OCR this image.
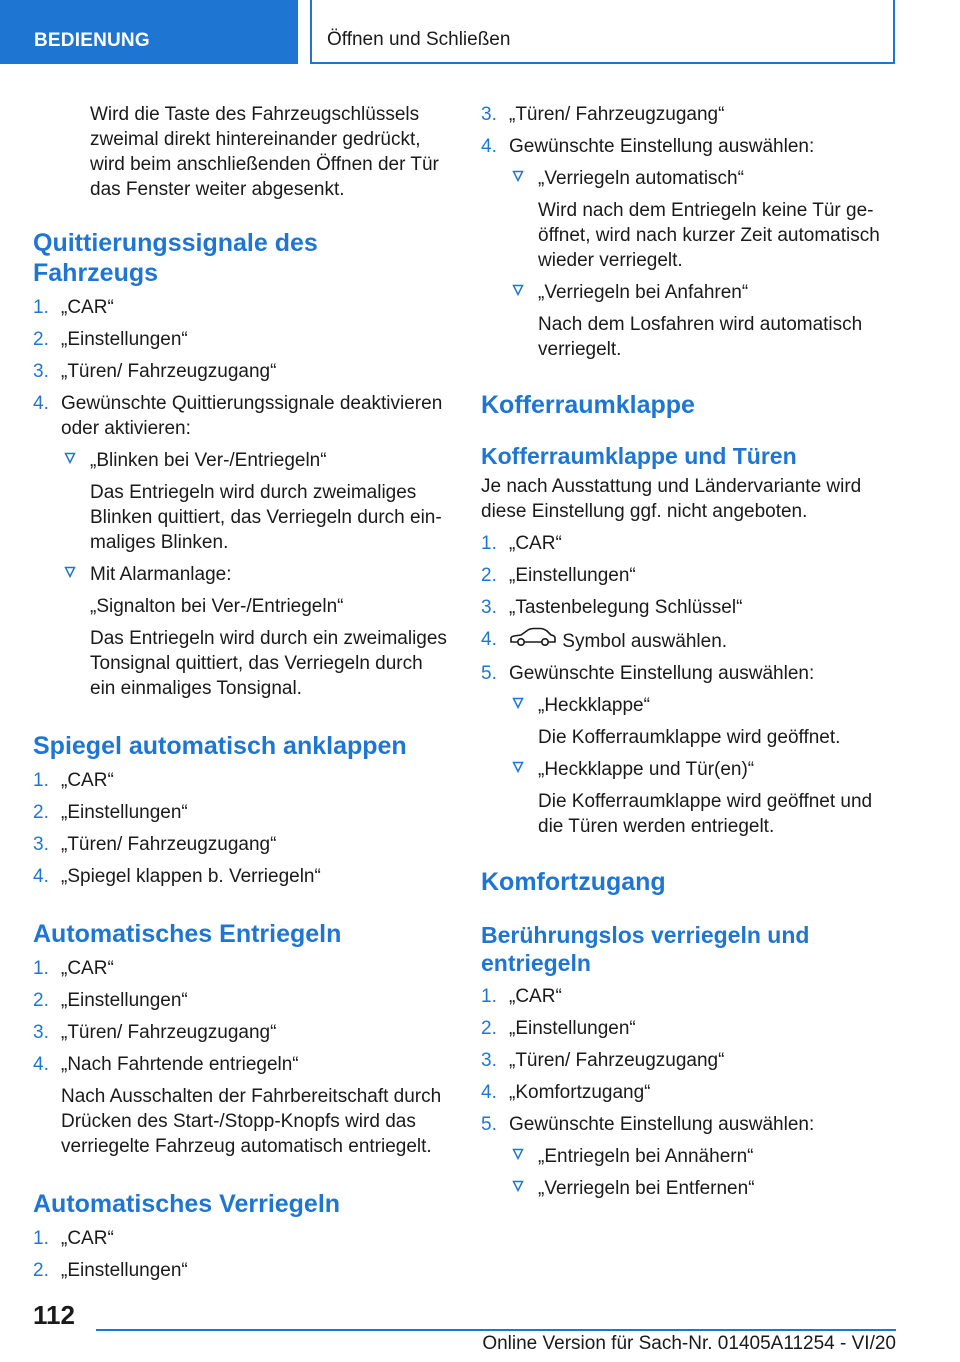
BEDIENUNG	Öffnen und Schließen

Wird die Taste des Fahrzeugschlüssels zweimal direkt hintereinander gedrückt, wird beim anschließenden Öffnen der Tür das Fenster weiter abgesenkt.

Quittierungssignale des Fahrzeugs
1. „CAR“
2. „Einstellungen“
3. „Türen/ Fahrzeugzugang“
4. Gewünschte Quittierungssignale deaktivieren oder aktivieren:
„Blinken bei Ver-/Entriegeln“
Das Entriegeln wird durch zweimaliges Blinken quittiert, das Verriegeln durch ein- maliges Blinken.
Mit Alarmanlage:
„Signalton bei Ver-/Entriegeln“
Das Entriegeln wird durch ein zweimaliges Tonsignal quittiert, das Verriegeln durch ein einmaliges Tonsignal.
Spiegel automatisch anklappen
1. „CAR“
2. „Einstellungen“
3. „Türen/ Fahrzeugzugang“
4. „Spiegel klappen b. Verriegeln“
Automatisches Entriegeln
1. „CAR“
2. „Einstellungen“
3. „Türen/ Fahrzeugzugang“
4. „Nach Fahrtende entriegeln“
Nach Ausschalten der Fahrbereitschaft durch Drücken des Start-/Stopp-Knopfs wird das verriegelte Fahrzeug automatisch entriegelt.
Automatisches Verriegeln
1. „CAR“
2. „Einstellungen“
3. „Türen/ Fahrzeugzugang“
4. Gewünschte Einstellung auswählen:
„Verriegeln automatisch“
Wird nach dem Entriegeln keine Tür ge- öffnet, wird nach kurzer Zeit automatisch wieder verriegelt.
„Verriegeln bei Anfahren“
Nach dem Losfahren wird automatisch verriegelt.
Kofferraumklappe
Kofferraumklappe und Türen

Je nach Ausstattung und Ländervariante wird diese Einstellung ggf. nicht angeboten.

1. „CAR“
2. „Einstellungen“
3. „Tastenbelegung Schlüssel“
4.	Symbol auswählen.
5. Gewünschte Einstellung auswählen:
„Heckklappe“
Die Kofferraumklappe wird geöffnet.
„Heckklappe und Tür(en)“
Die Kofferraumklappe wird geöffnet und die Türen werden entriegelt.
Komfortzugang
Berührungslos verriegeln und entriegeln
1. „CAR“
2. „Einstellungen“
3. „Türen/ Fahrzeugzugang“
4. „Komfortzugang“
5. Gewünschte Einstellung auswählen:
„Entriegeln bei Annähern“
„Verriegeln bei Entfernen“
112
Online Version für Sach-Nr. 01405A11254 - VI/20
